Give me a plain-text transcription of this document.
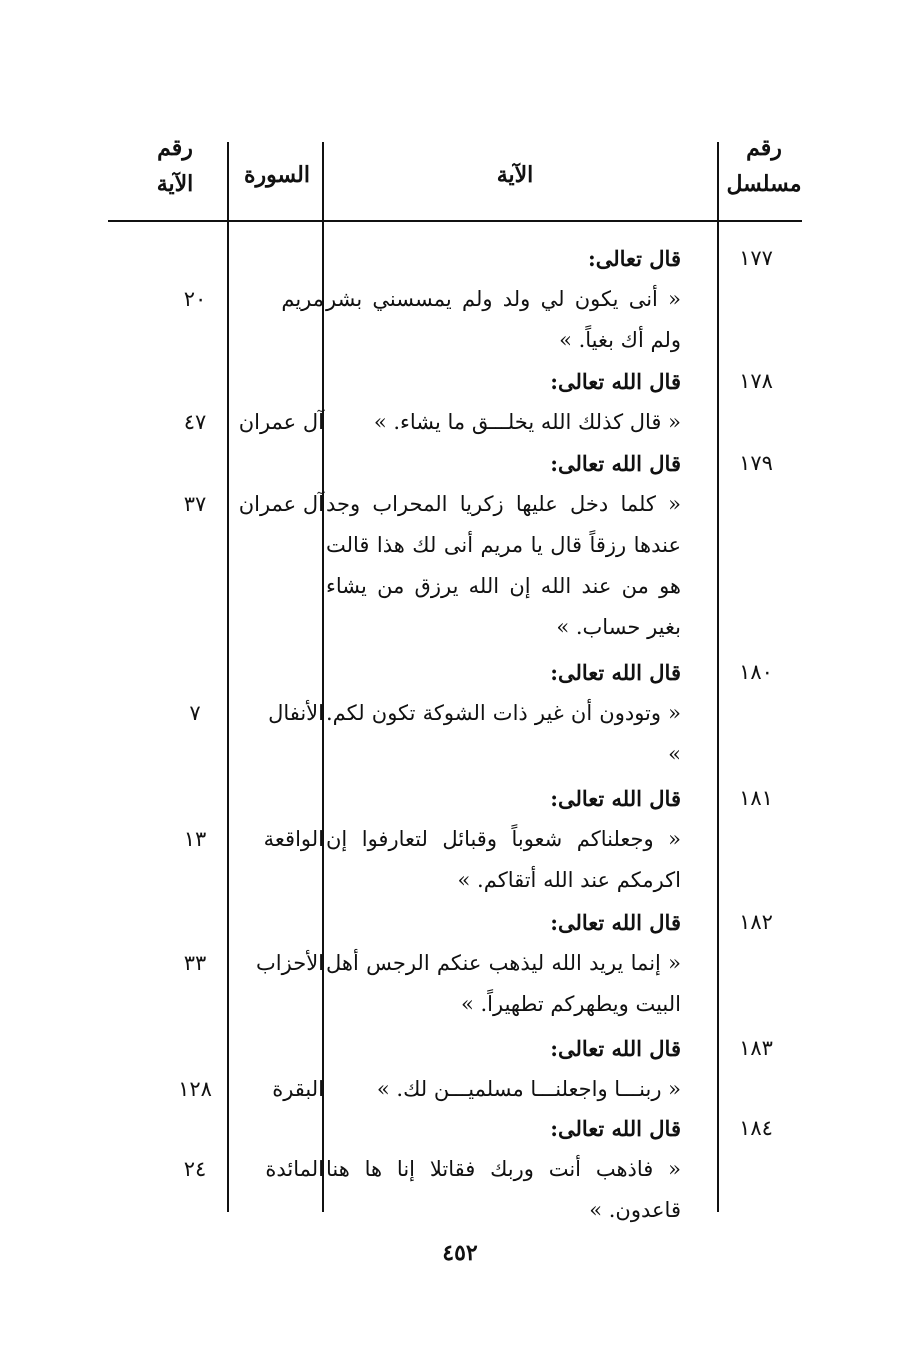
رقم مسلسل
الآية
السورة
رقم الآية
١٧٧
قال تعالى:
« أنى يكون لي ولد ولم يمسسني بشر ولم أك بغياً. »
مريم
٢٠
١٧٨
قال الله تعالى:
« قال كذلك الله يخلـــق ما يشاء. »
آل عمران
٤٧
١٧٩
قال الله تعالى:
« كلما دخل عليها زكريا المحراب وجد عندها رزقاً قال يا مريم أنى لك هذا قالت هو من عند الله إن الله يرزق من يشاء بغير حساب. »
آل عمران
٣٧
١٨٠
قال الله تعالى:
« وتودون أن غير ذات الشوكة تكون لكم. »
الأنفال
٧
١٨١
قال الله تعالى:
« وجعلناكم شعوباً وقبائل لتعارفوا إن اكرمكم عند الله أتقاكم. »
الواقعة
١٣
١٨٢
قال الله تعالى:
« إنما يريد الله ليذهب عنكم الرجس أهل البيت ويطهركم تطهيراً. »
الأحزاب
٣٣
١٨٣
قال الله تعالى:
« ربنـــا واجعلنـــا مسلميـــن لك. »
البقرة
١٢٨
١٨٤
قال الله تعالى:
« فاذهب أنت وربك فقاتلا إنا ها هنا قاعدون. »
المائدة
٢٤
٤٥٢
